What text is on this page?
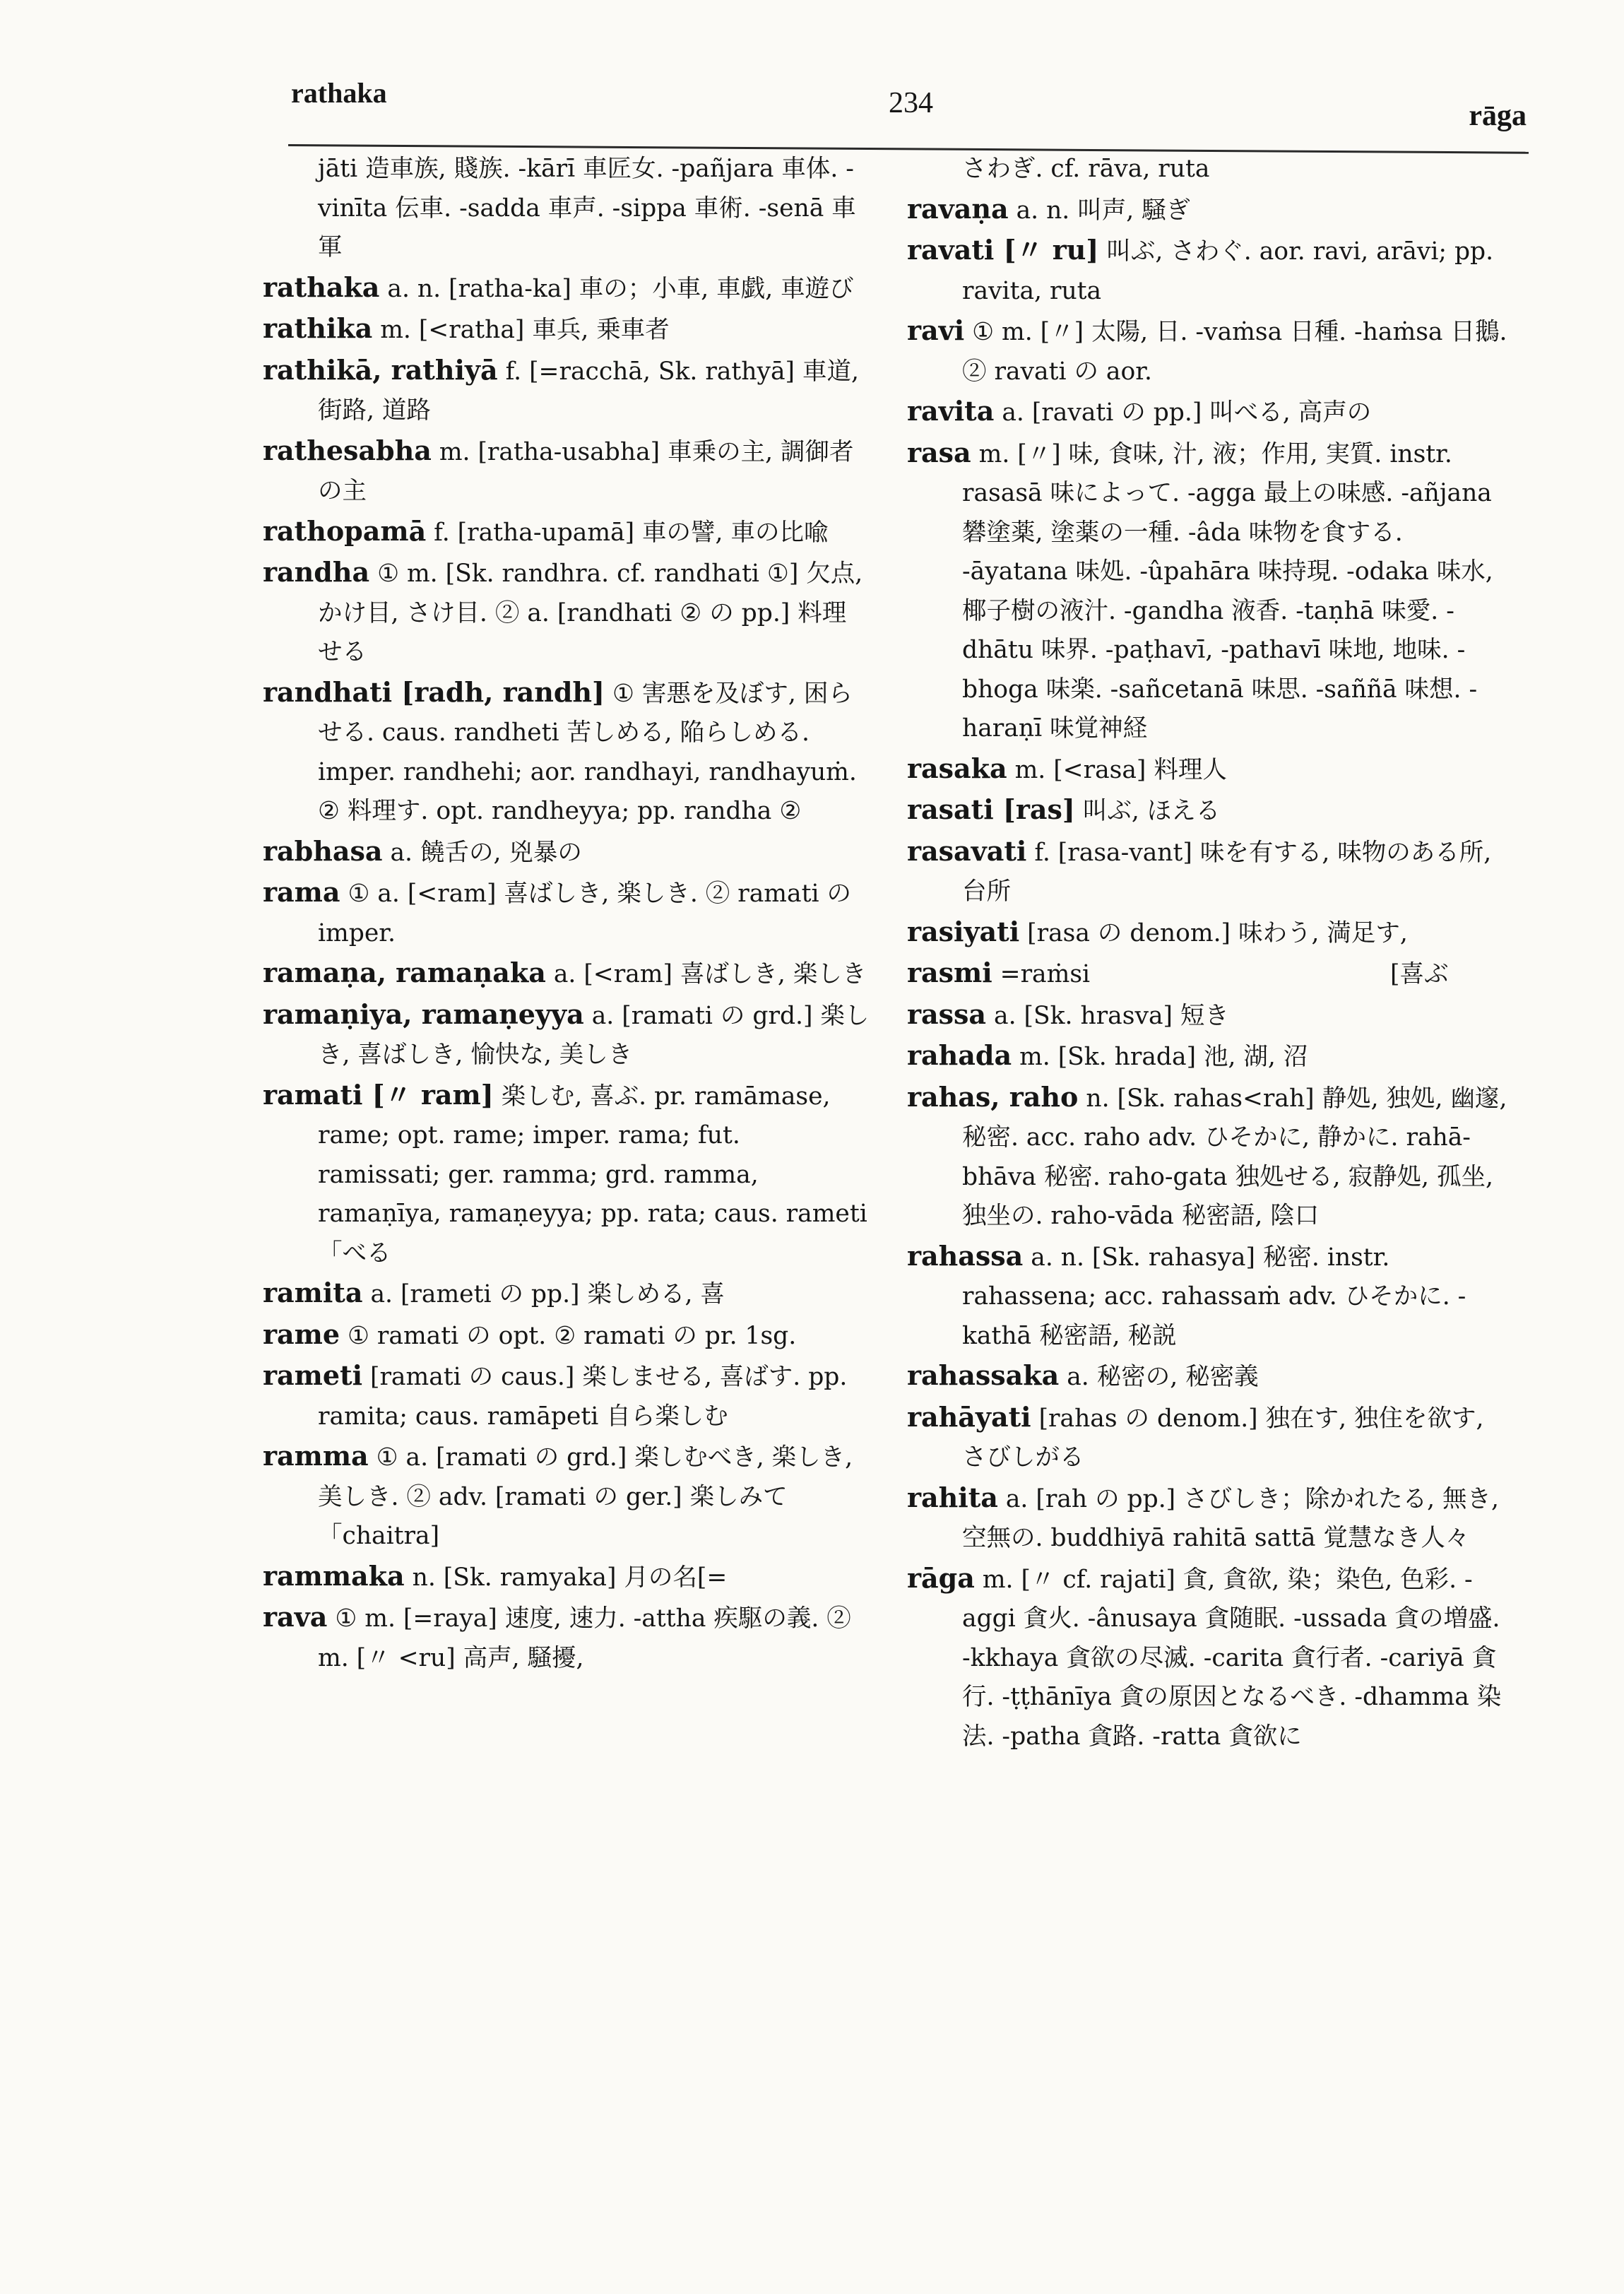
rathaka	234	rāga

jāti 造車族, 賤族. -kārī 車匠女. -pañjara 車体. -vinīta 伝車. -sadda 車声. -sippa 車術. -senā 車軍

rathaka a. n. [ratha-ka] 車の；小車, 車戯, 車遊び

rathika m. [<ratha] 車兵, 乗車者

rathikā, rathiyā f. [=racchā, Sk. rathyā] 車道, 街路, 道路

rathesabha m. [ratha-usabha] 車乗の主, 調御者の主

rathopamā f. [ratha-upamā] 車の譬, 車の比喩

randha ① m. [Sk. randhra. cf. randhati ①] 欠点, かけ目, さけ目. ② a. [randhati ② の pp.] 料理せる

randhati [radh, randh] ① 害悪を及ぼす, 困らせる. caus. randheti 苦しめる, 陥らしめる. imper. randhehi; aor. randhayi, randhayuṁ. ② 料理す. opt. randheyya; pp. randha ②

rabhasa a. 饒舌の, 兇暴の

rama ① a. [<ram] 喜ばしき, 楽しき. ② ramati の imper.

ramaṇa, ramaṇaka a. [<ram] 喜ばしき, 楽しき

ramaṇiya, ramaṇeyya a. [ramati の grd.] 楽しき, 喜ばしき, 愉快な, 美しき

ramati [〃 ram] 楽しむ, 喜ぶ. pr. ramāmase, rame; opt. rame; imper. rama; fut. ramissati; ger. ramma; grd. ramma, ramaṇīya, ramaṇeyya; pp. rata; caus. rameti 「べる

ramita a. [rameti の pp.] 楽しめる, 喜

rame ① ramati の opt. ② ramati の pr. 1sg.

rameti [ramati の caus.] 楽しませる, 喜ばす. pp. ramita; caus. ramāpeti 自ら楽しむ

ramma ① a. [ramati の grd.] 楽しむべき, 楽しき, 美しき. ② adv. [ramati の ger.] 楽しみて 「chaitra]

rammaka n. [Sk. ramyaka] 月の名[=

rava ① m. [=raya] 速度, 速力. -attha 疾駆の義. ② m. [〃 <ru] 高声, 騒擾,

さわぎ. cf. rāva, ruta

ravaṇa a. n. 叫声, 騒ぎ

ravati [〃 ru] 叫ぶ, さわぐ. aor. ravi, arāvi; pp. ravita, ruta

ravi ① m. [〃] 太陽, 日. -vaṁsa 日種. -haṁsa 日鵝. ② ravati の aor.

ravita a. [ravati の pp.] 叫べる, 高声の

rasa m. [〃] 味, 食味, 汁, 液；作用, 実質. instr. rasasā 味によって. -agga 最上の味感. -añjana 礬塗薬, 塗薬の一種. -âda 味物を食する. -āyatana 味処. -ûpahāra 味持現. -odaka 味水, 椰子樹の液汁. -gandha 液香. -taṇhā 味愛. -dhātu 味界. -paṭhavī, -pathavī 味地, 地味. -bhoga 味楽. -sañcetanā 味思. -saññā 味想. -haraṇī 味覚神経

rasaka m. [<rasa] 料理人

rasati [ras] 叫ぶ, ほえる

rasavati f. [rasa-vant] 味を有する, 味物のある所, 台所

rasiyati [rasa の denom.] 味わう, 満足す,

rasmi =raṁsi　　　　　　　　　　　　 [喜ぶ

rassa a. [Sk. hrasva] 短き

rahada m. [Sk. hrada] 池, 湖, 沼

rahas, raho n. [Sk. rahas<rah] 静処, 独処, 幽邃, 秘密. acc. raho adv. ひそかに, 静かに. rahā-bhāva 秘密. raho-gata 独処せる, 寂静処, 孤坐, 独坐の. raho-vāda 秘密語, 陰口

rahassa a. n. [Sk. rahasya] 秘密. instr. rahassena; acc. rahassaṁ adv. ひそかに. -kathā 秘密語, 秘説

rahassaka a. 秘密の, 秘密義

rahāyati [rahas の denom.] 独在す, 独住を欲す, さびしがる

rahita a. [rah の pp.] さびしき；除かれたる, 無き, 空無の. buddhiyā rahitā sattā 覚慧なき人々

rāga m. [〃 cf. rajati] 貪, 貪欲, 染；染色, 色彩. -aggi 貪火. -ânusaya 貪随眠. -ussada 貪の増盛. -kkhaya 貪欲の尽滅. -carita 貪行者. -cariyā 貪行. -ṭṭhānīya 貪の原因となるべき. -dhamma 染法. -patha 貪路. -ratta 貪欲に
